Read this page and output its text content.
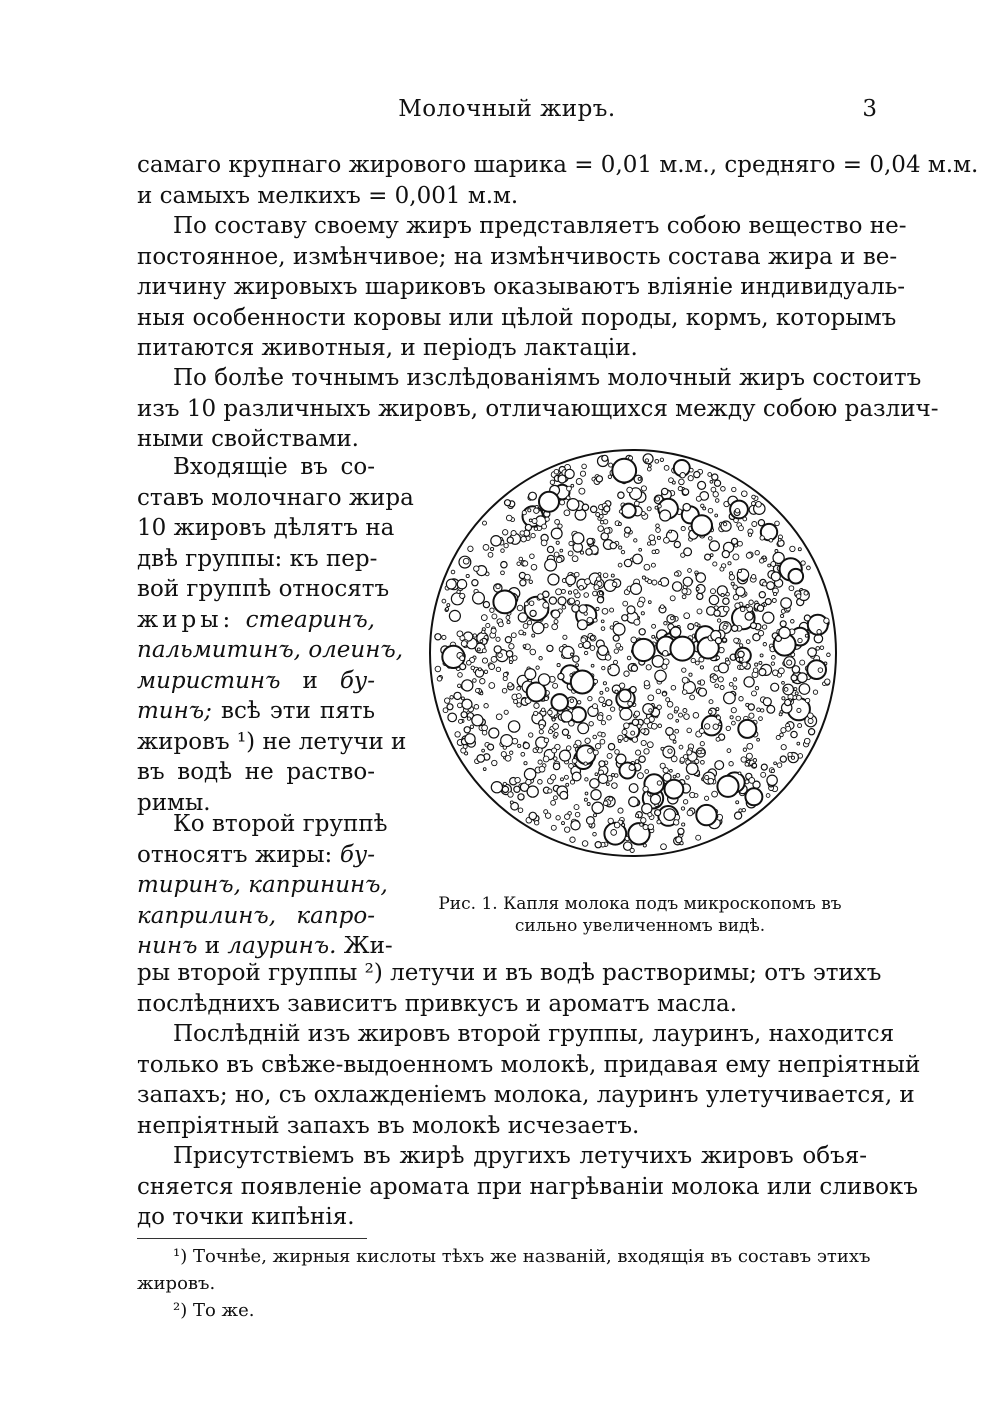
Молочный жиръ.	3

самаго крупнаго жирового шарика = 0,01 м.м., средняго = 0,04 м.м.
и самыхъ мелкихъ = 0,001 м.м.

По составу своему жиръ представляетъ собою вещество не-
постоянное, измѣнчивое; на измѣнчивость состава жира и ве-
личину жировыхъ шариковъ оказываютъ вліяніе индивидуаль-
ныя особенности коровы или цѣлой породы, кормъ, которымъ
питаются животныя, и періодъ лактаціи.

По болѣе точнымъ изслѣдованіямъ молочный жиръ состоитъ
изъ 10 различныхъ жировъ, отличающихся между собою различ-
ными свойствами.

Входящіе въ со-
ставъ молочнаго жира
10 жировъ дѣлятъ на
двѣ группы: къ пер-
вой группѣ относятъ
жиры: стеаринъ,
пальмитинъ, олеинъ,
миристинъ и бу-
тинъ; всѣ эти пять
жировъ ¹) не летучи и
въ водѣ не раство-
римы.
Ко второй группѣ
относятъ жиры: бу-
тиринъ, капрининъ,
каприлинъ, капро-
нинъ и лауринъ. Жи-
Рис. 1. Капля молока подъ микроскопомъ въ
сильно увеличенномъ видѣ.

ры второй группы ²) летучи и въ водѣ растворимы; отъ этихъ
послѣднихъ зависитъ привкусъ и ароматъ масла.

Послѣдній изъ жировъ второй группы, лауринъ, находится
только въ свѣже-выдоенномъ молокѣ, придавая ему непріятный
запахъ; но, съ охлажденіемъ молока, лауринъ улетучивается, и
непріятный запахъ въ молокѣ исчезаетъ.

Присутствіемъ въ жирѣ другихъ летучихъ жировъ объя-
сняется появленіе аромата при нагрѣваніи молока или сливокъ
до точки кипѣнія.

¹) Точнѣе, жирныя кислоты тѣхъ же названій, входящія въ составъ этихъ
жировъ.
²) То же.
